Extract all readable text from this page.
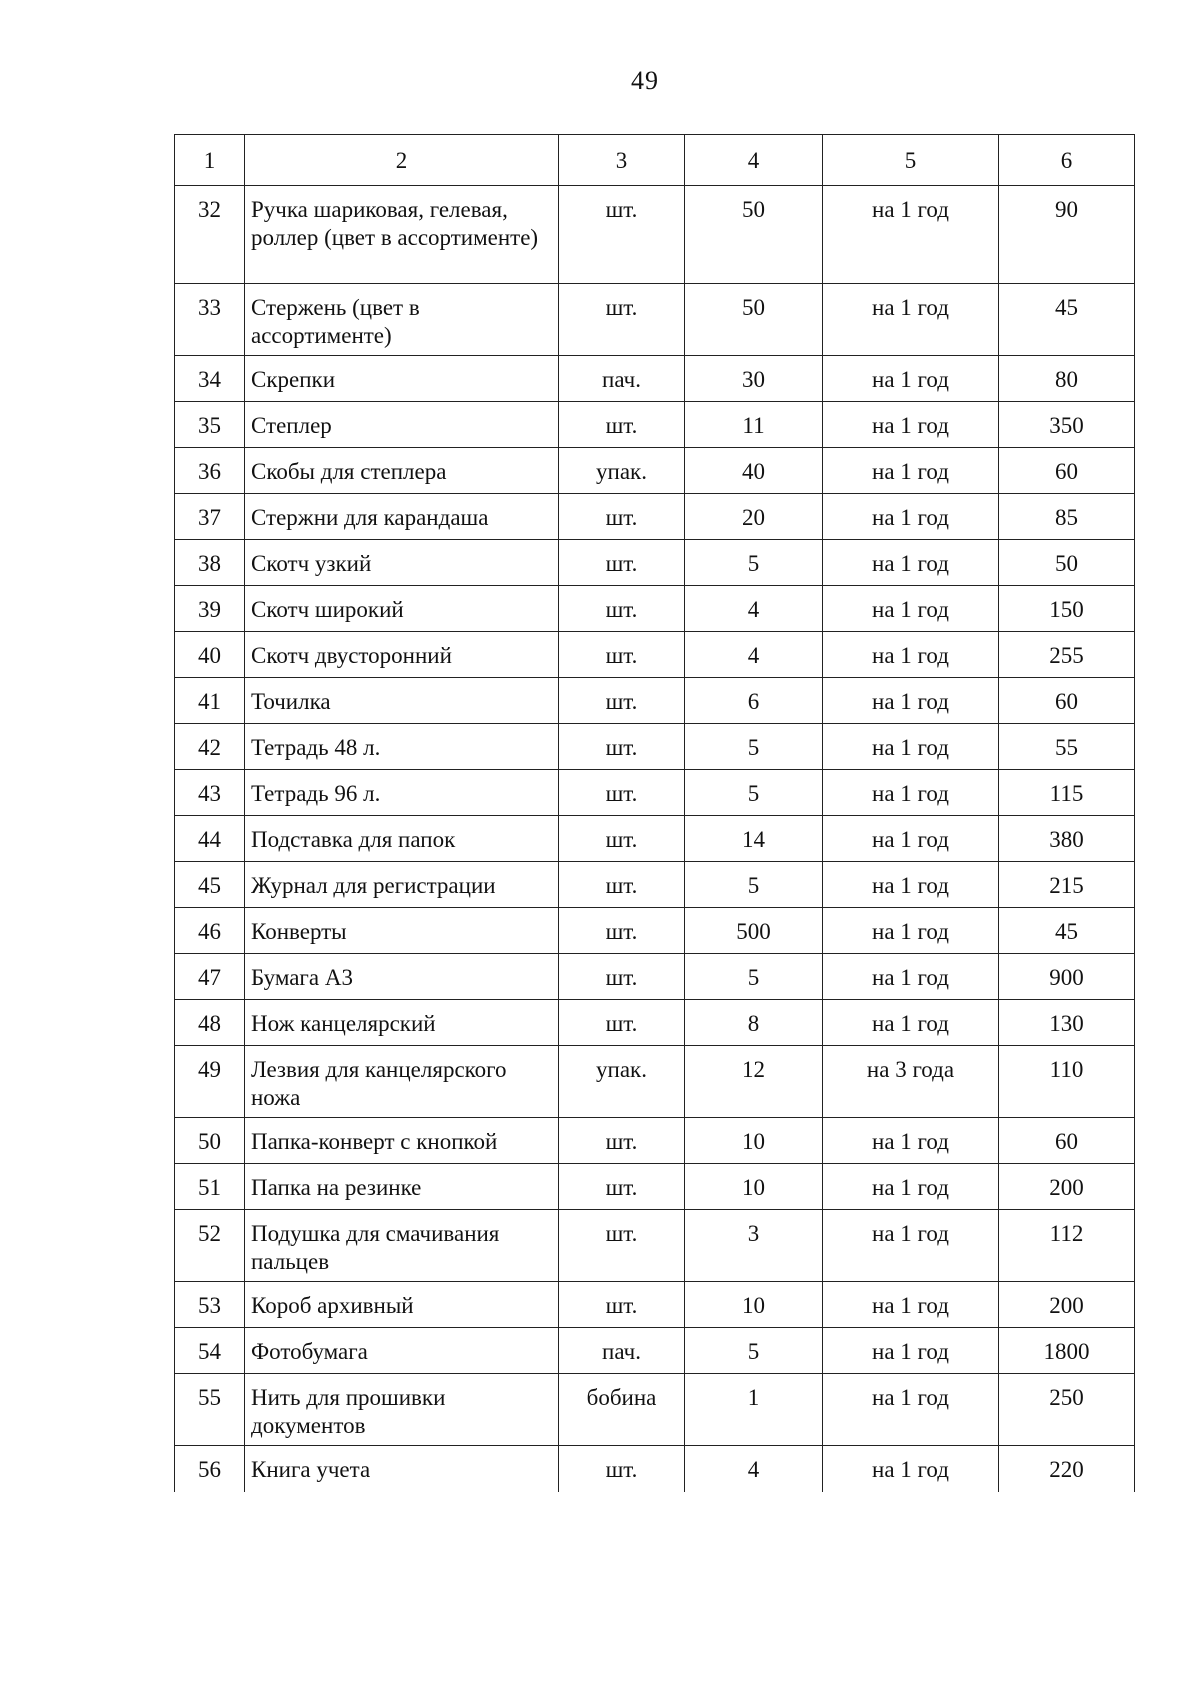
49
1	2	3	4	5	6
32	Ручка шариковая, гелевая, роллер (цвет в ассортименте)	шт.	50	на 1 год	90
33	Стержень (цвет в ассортименте)	шт.	50	на 1 год	45
34	Скрепки	пач.	30	на 1 год	80
35	Степлер	шт.	11	на 1 год	350
36	Скобы для степлера	упак.	40	на 1 год	60
37	Стержни для карандаша	шт.	20	на 1 год	85
38	Скотч узкий	шт.	5	на 1 год	50
39	Скотч широкий	шт.	4	на 1 год	150
40	Скотч двусторонний	шт.	4	на 1 год	255
41	Точилка	шт.	6	на 1 год	60
42	Тетрадь 48 л.	шт.	5	на 1 год	55
43	Тетрадь 96 л.	шт.	5	на 1 год	115
44	Подставка для папок	шт.	14	на 1 год	380
45	Журнал для регистрации	шт.	5	на 1 год	215
46	Конверты	шт.	500	на 1 год	45
47	Бумага А3	шт.	5	на 1 год	900
48	Нож канцелярский	шт.	8	на 1 год	130
49	Лезвия для канцелярского ножа	упак.	12	на 3 года	110
50	Папка-конверт с кнопкой	шт.	10	на 1 год	60
51	Папка на резинке	шт.	10	на 1 год	200
52	Подушка для смачивания пальцев	шт.	3	на 1 год	112
53	Короб архивный	шт.	10	на 1 год	200
54	Фотобумага	пач.	5	на 1 год	1800
55	Нить для прошивки документов	бобина	1	на 1 год	250
56	Книга учета	шт.	4	на 1 год	220
